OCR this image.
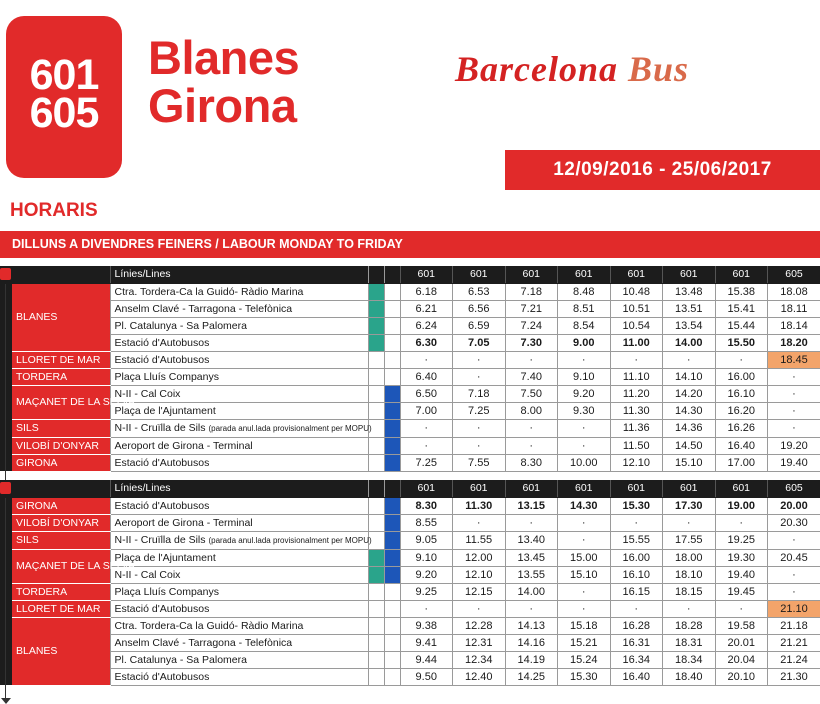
601
605
HORARIS
Blanes
Girona
Barcelona Bus
12/09/2016 - 25/06/2017
DILLUNS A DIVENDRES FEINERS / LABOUR MONDAY TO FRIDAY
		Línies/Lines			601	601	601	601	601	601	601	605
	BLANES	Ctra. Tordera-Ca la Guidó- Ràdio Marina			6.18	6.53	7.18	8.48	10.48	13.48	15.38	18.08
		Anselm Clavé - Tarragona - Telefònica			6.21	6.56	7.21	8.51	10.51	13.51	15.41	18.11
		Pl. Catalunya - Sa Palomera			6.24	6.59	7.24	8.54	10.54	13.54	15.44	18.14
		Estació d'Autobusos			6.30	7.05	7.30	9.00	11.00	14.00	15.50	18.20
	LLORET DE MAR	Estació d'Autobusos			·	·	·	·	·	·	·	18.45
	TORDERA	Plaça Lluís Companys			6.40	·	7.40	9.10	11.10	14.10	16.00	·
	MAÇANET DE LA SELVA	N-II - Cal Coix			6.50	7.18	7.50	9.20	11.20	14.20	16.10	·
		Plaça de l'Ajuntament			7.00	7.25	8.00	9.30	11.30	14.30	16.20	·
	SILS	N-II - Cruïlla de Sils (parada anul.lada provisionalment per MOPU)			·	·	·	·	11.36	14.36	16.26	·
	VILOBÍ D'ONYAR	Aeroport de Girona - Terminal			·	·	·	·	11.50	14.50	16.40	19.20
	GIRONA	Estació d'Autobusos			7.25	7.55	8.30	10.00	12.10	15.10	17.00	19.40
		Línies/Lines			601	601	601	601	601	601	601	605
	GIRONA	Estació d'Autobusos			8.30	11.30	13.15	14.30	15.30	17.30	19.00	20.00
	VILOBÍ D'ONYAR	Aeroport de Girona - Terminal			8.55	·	·	·	·	·	·	20.30
	SILS	N-II - Cruïlla de Sils (parada anul.lada provisionalment per MOPU)			9.05	11.55	13.40	·	15.55	17.55	19.25	·
	MAÇANET DE LA SELVA	Plaça de l'Ajuntament			9.10	12.00	13.45	15.00	16.00	18.00	19.30	20.45
		N-II - Cal Coix			9.20	12.10	13.55	15.10	16.10	18.10	19.40	·
	TORDERA	Plaça Lluís Companys			9.25	12.15	14.00	·	16.15	18.15	19.45	·
	LLORET DE MAR	Estació d'Autobusos			·	·	·	·	·	·	·	21.10
	BLANES	Ctra. Tordera-Ca la Guidó- Ràdio Marina			9.38	12.28	14.13	15.18	16.28	18.28	19.58	21.18
		Anselm Clavé - Tarragona - Telefònica			9.41	12.31	14.16	15.21	16.31	18.31	20.01	21.21
		Pl. Catalunya - Sa Palomera			9.44	12.34	14.19	15.24	16.34	18.34	20.04	21.24
		Estació d'Autobusos			9.50	12.40	14.25	15.30	16.40	18.40	20.10	21.30
